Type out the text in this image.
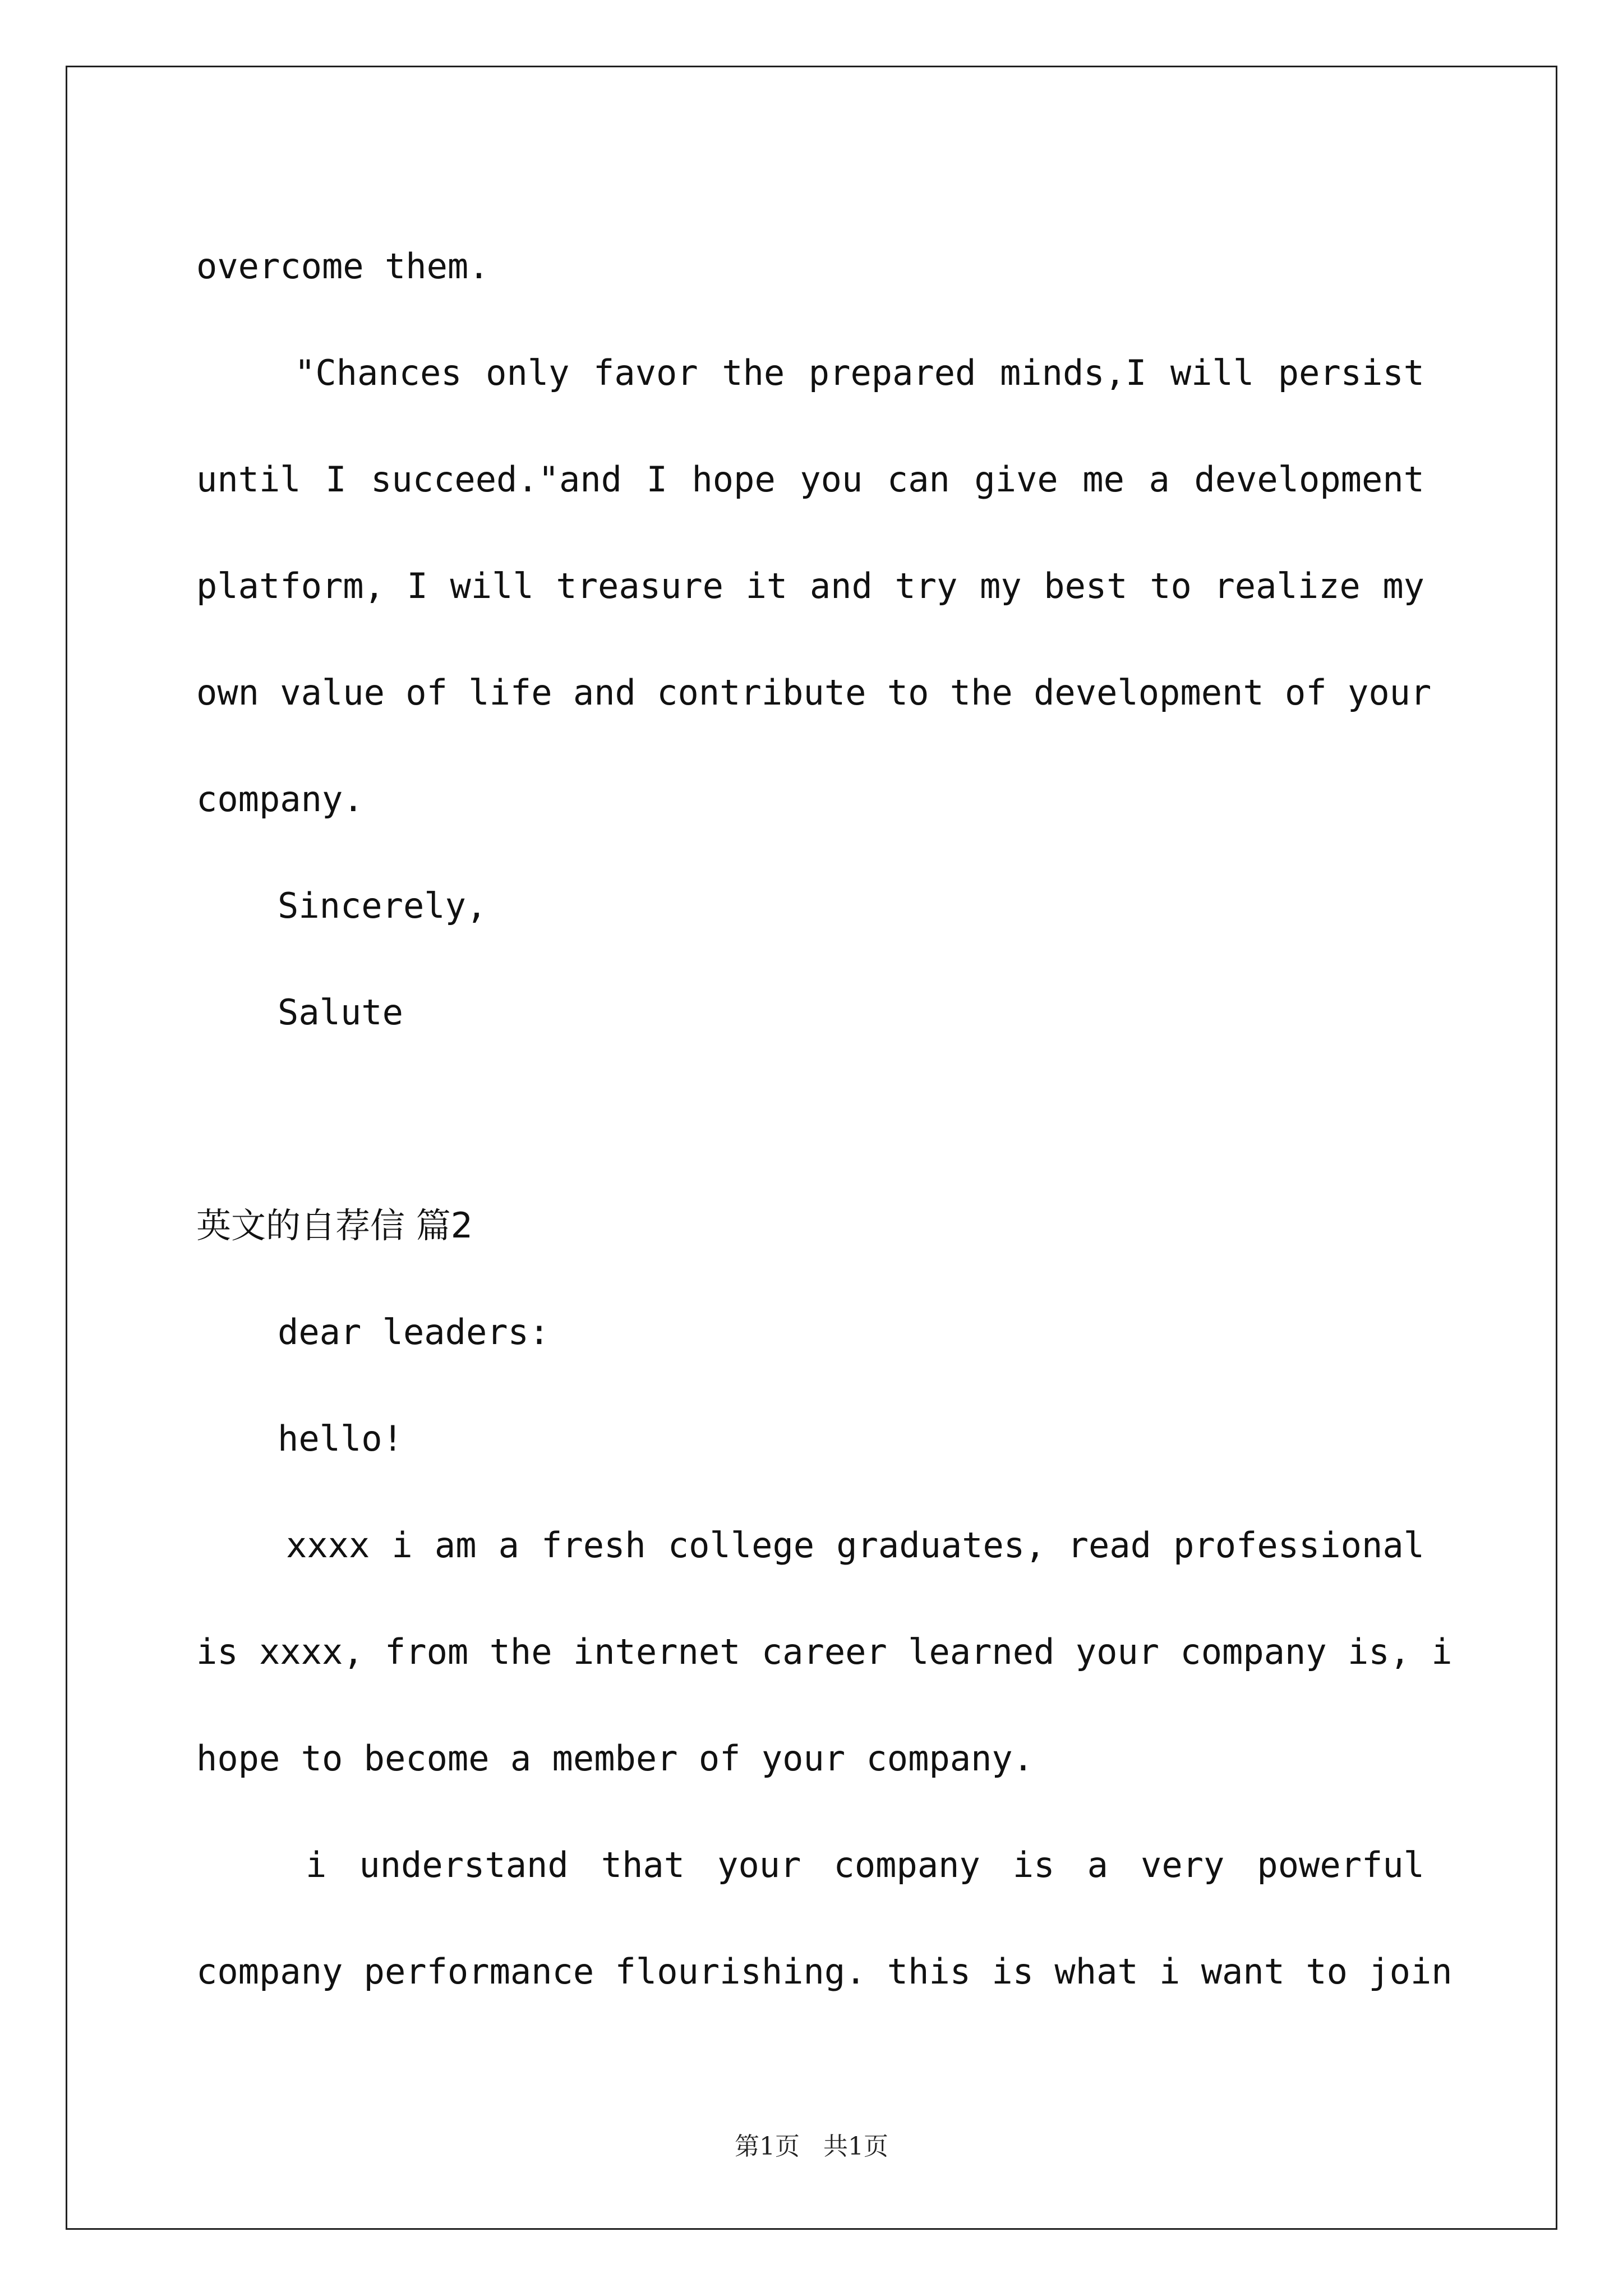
overcome them.
"Chances only favor the prepared minds,I will persist
until I succeed."and I hope you can give me a development
platform, I will treasure it and try my best to realize my
own value of life and contribute to the development of your
company.
Sincerely,
Salute
英文的自荐信 篇2
dear leaders:
hello!
xxxx i am a fresh college graduates, read professional
is xxxx, from the internet career learned your company is, i
hope to become a member of your company.
i understand that your company is a very powerful
company performance flourishing. this is what i want to join
第1页 共1页
